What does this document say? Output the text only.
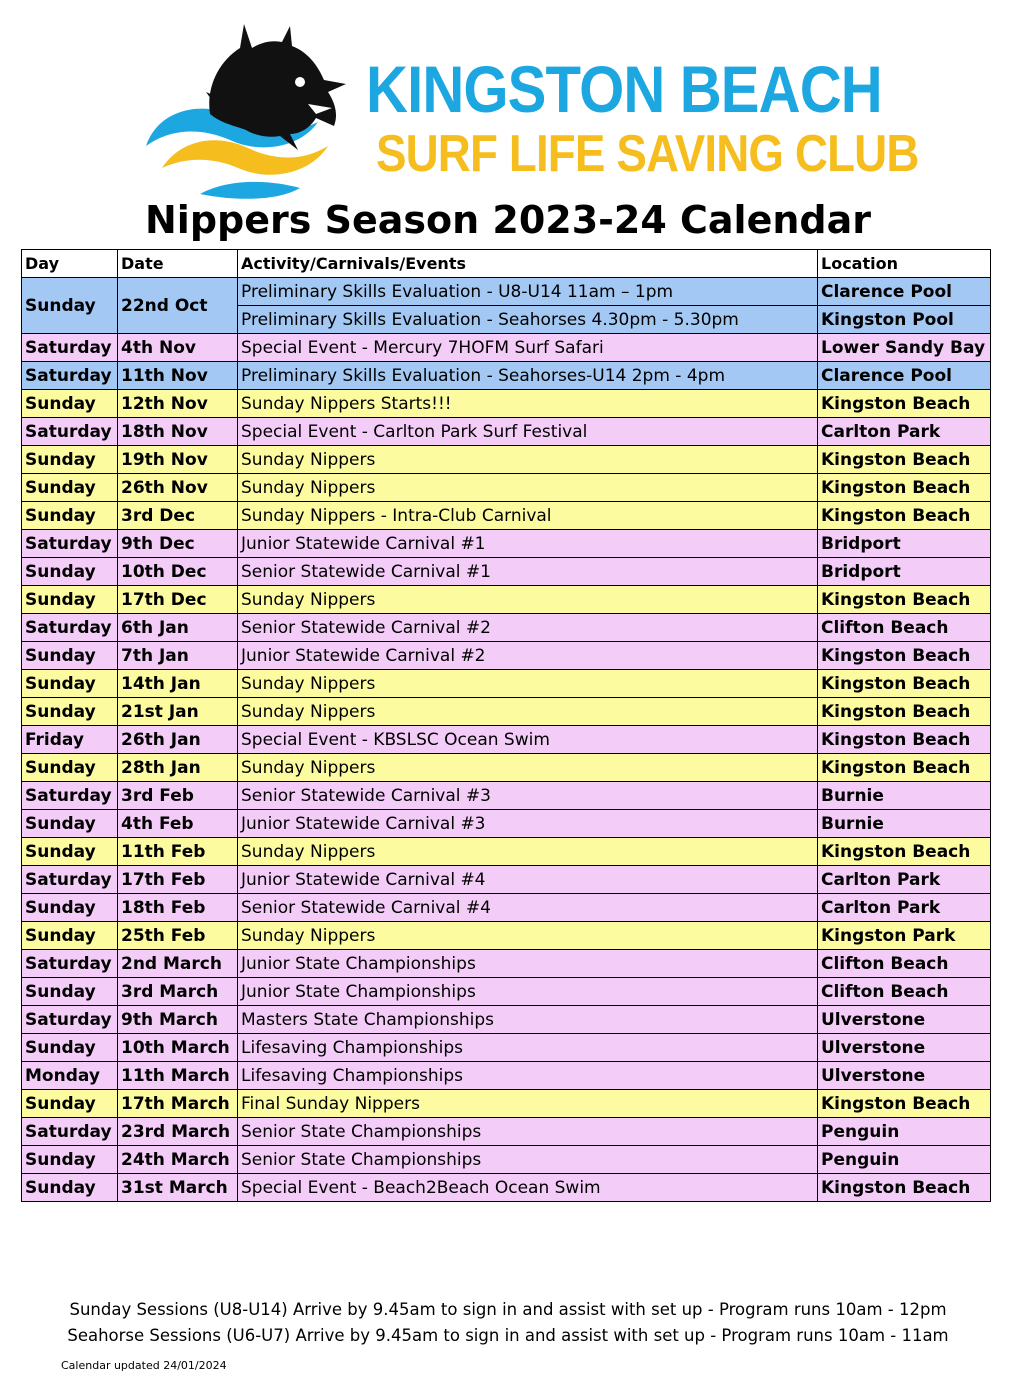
KINGSTON BEACH
SURF LIFE SAVING CLUB
Nippers Season 2023-24 Calendar
Day	Date	Activity/Carnivals/Events	Location
Sunday	22nd Oct	Preliminary Skills Evaluation - U8-U14 11am – 1pm	Clarence Pool
		Preliminary Skills Evaluation - Seahorses 4.30pm - 5.30pm	Kingston Pool
Saturday	4th Nov	Special Event - Mercury 7HOFM Surf Safari	Lower Sandy Bay
Saturday	11th Nov	Preliminary Skills Evaluation - Seahorses-U14 2pm - 4pm	Clarence Pool
Sunday	12th Nov	Sunday Nippers Starts!!!	Kingston Beach
Saturday	18th Nov	Special Event - Carlton Park Surf Festival	Carlton Park
Sunday	19th Nov	Sunday Nippers	Kingston Beach
Sunday	26th Nov	Sunday Nippers	Kingston Beach
Sunday	3rd Dec	Sunday Nippers - Intra-Club Carnival	Kingston Beach
Saturday	9th Dec	Junior Statewide Carnival #1	Bridport
Sunday	10th Dec	Senior Statewide Carnival #1	Bridport
Sunday	17th Dec	Sunday Nippers	Kingston Beach
Saturday	6th Jan	Senior Statewide Carnival #2	Clifton Beach
Sunday	7th Jan	Junior Statewide Carnival #2	Kingston Beach
Sunday	14th Jan	Sunday Nippers	Kingston Beach
Sunday	21st Jan	Sunday Nippers	Kingston Beach
Friday	26th Jan	Special Event - KBSLSC Ocean Swim	Kingston Beach
Sunday	28th Jan	Sunday Nippers	Kingston Beach
Saturday	3rd Feb	Senior Statewide Carnival #3	Burnie
Sunday	4th Feb	Junior Statewide Carnival #3	Burnie
Sunday	11th Feb	Sunday Nippers	Kingston Beach
Saturday	17th Feb	Junior Statewide Carnival #4	Carlton Park
Sunday	18th Feb	Senior Statewide Carnival #4	Carlton Park
Sunday	25th Feb	Sunday Nippers	Kingston Park
Saturday	2nd March	Junior State Championships	Clifton Beach
Sunday	3rd March	Junior State Championships	Clifton Beach
Saturday	9th March	Masters State Championships	Ulverstone
Sunday	10th March	Lifesaving Championships	Ulverstone
Monday	11th March	Lifesaving Championships	Ulverstone
Sunday	17th March	Final Sunday Nippers	Kingston Beach
Saturday	23rd March	Senior State Championships	Penguin
Sunday	24th March	Senior State Championships	Penguin
Sunday	31st March	Special Event - Beach2Beach Ocean Swim	Kingston Beach
Sunday Sessions (U8-U14) Arrive by 9.45am to sign in and assist with set up - Program runs 10am - 12pm
Seahorse Sessions (U6-U7) Arrive by 9.45am to sign in and assist with set up - Program runs 10am - 11am
Calendar updated 24/01/2024
